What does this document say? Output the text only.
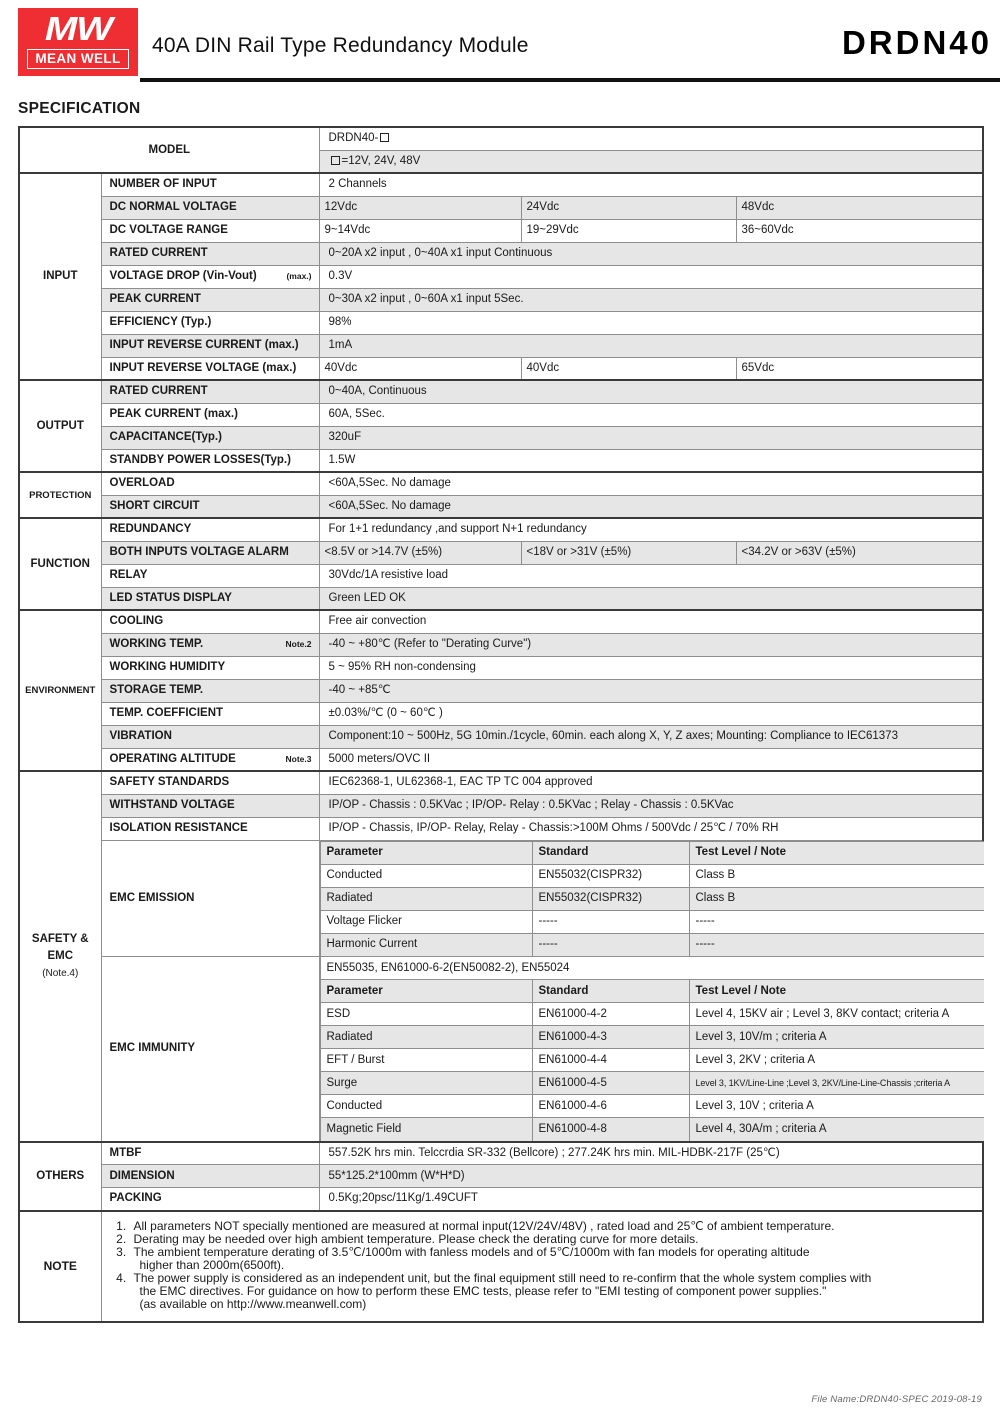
MW
MEAN WELL
40A DIN Rail Type Redundancy Module	DRDN40
SPECIFICATION
MODEL	DRDN40-
=12V, 24V, 48V
INPUT	NUMBER OF INPUT	2 Channels
DC NORMAL VOLTAGE	12Vdc	24Vdc	48Vdc
DC VOLTAGE RANGE	9~14Vdc	19~29Vdc	36~60Vdc
RATED CURRENT	0~20A x2 input , 0~40A x1 input Continuous
VOLTAGE DROP (Vin-Vout)	(max.)	0.3V
PEAK CURRENT	0~30A x2 input , 0~60A x1 input 5Sec.
EFFICIENCY (Typ.)	98%
INPUT REVERSE CURRENT (max.)	1mA
INPUT REVERSE VOLTAGE (max.)	40Vdc	40Vdc	65Vdc
OUTPUT	RATED CURRENT	0~40A, Continuous
PEAK CURRENT (max.)	60A, 5Sec.
CAPACITANCE(Typ.)	320uF
STANDBY POWER LOSSES(Typ.)	1.5W
PROTECTION	OVERLOAD	<60A,5Sec. No damage
SHORT CIRCUIT	<60A,5Sec. No damage
FUNCTION	REDUNDANCY	For 1+1 redundancy ,and support N+1 redundancy
BOTH INPUTS VOLTAGE ALARM	<8.5V or >14.7V (±5%)	<18V or >31V (±5%)	<34.2V or >63V (±5%)
RELAY	30Vdc/1A resistive load
LED STATUS DISPLAY	Green LED OK
ENVIRONMENT	COOLING	Free air convection
WORKING TEMP.	Note.2	-40 ~ +80℃ (Refer to "Derating Curve")
WORKING HUMIDITY	5 ~ 95% RH non-condensing
STORAGE TEMP.	-40 ~ +85℃
TEMP. COEFFICIENT	±0.03%/℃ (0 ~ 60℃ )
VIBRATION	Component:10 ~ 500Hz, 5G 10min./1cycle, 60min. each along X, Y, Z axes; Mounting: Compliance to IEC61373
OPERATING ALTITUDE	Note.3	5000 meters/OVC II

SAFETY &
EMC
(Note.4)
	SAFETY STANDARDS	IEC62368-1, UL62368-1, EAC TP TC 004 approved
WITHSTAND VOLTAGE	IP/OP - Chassis : 0.5KVac ; IP/OP- Relay : 0.5KVac ; Relay - Chassis : 0.5KVac
ISOLATION RESISTANCE	IP/OP - Chassis, IP/OP- Relay, Relay - Chassis:>100M Ohms / 500Vdc / 25℃ / 70% RH
EMC EMISSION	
Parameter	Standard	Test Level / Note
Conducted	EN55032(CISPR32)	Class B
Radiated	EN55032(CISPR32)	Class B
Voltage Flicker	-----	-----
Harmonic Current	-----	-----

EMC IMMUNITY	
EN55035, EN61000-6-2(EN50082-2), EN55024
Parameter	Standard	Test Level / Note
ESD	EN61000-4-2	Level 4, 15KV air ; Level 3, 8KV contact; criteria A
Radiated	EN61000-4-3	Level 3, 10V/m ; criteria A
EFT / Burst	EN61000-4-4	Level 3, 2KV ; criteria A
Surge	EN61000-4-5	Level 3, 1KV/Line-Line ;Level 3, 2KV/Line-Line-Chassis ;criteria A
Conducted	EN61000-4-6	Level 3, 10V ; criteria A
Magnetic Field	EN61000-4-8	Level 4, 30A/m ; criteria A

OTHERS	MTBF	557.52K hrs min. Telccrdia SR-332 (Bellcore) ; 277.24K hrs min. MIL-HDBK-217F (25℃)
DIMENSION	55*125.2*100mm (W*H*D)
PACKING	0.5Kg;20psc/11Kg/1.49CUFT
NOTE	
1. All parameters NOT specially mentioned are measured at normal input(12V/24V/48V) , rated load and 25℃ of ambient temperature.
2. Derating may be needed over high ambient temperature. Please check the derating curve for more details.
3. The ambient temperature derating of 3.5℃/1000m with fanless models and of 5℃/1000m with fan models for operating altitude
higher than 2000m(6500ft).
4. The power supply is considered as an independent unit, but the final equipment still need to re-confirm that the whole system complies with
the EMC directives. For guidance on how to perform these EMC tests, please refer to "EMI testing of component power supplies."
(as available on http://www.meanwell.com)
File Name:DRDN40-SPEC 2019-08-19
